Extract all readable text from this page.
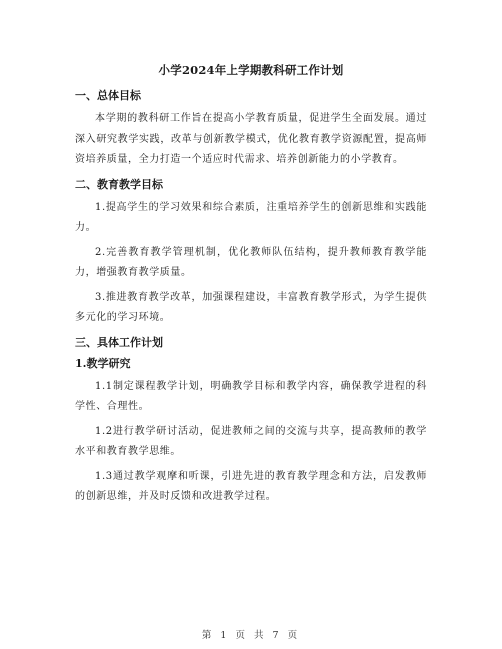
小学2024年上学期教科研工作计划
一、总体目标

本学期的教科研工作旨在提高小学教育质量，促进学生全面发展。通过深入研究教学实践，改革与创新教学模式，优化教育教学资源配置，提高师资培养质量，全力打造一个适应时代需求、培养创新能力的小学教育。

二、教育教学目标

1.提高学生的学习效果和综合素质，注重培养学生的创新思维和实践能力。

2.完善教育教学管理机制，优化教师队伍结构，提升教师教育教学能力，增强教育教学质量。

3.推进教育教学改革，加强课程建设，丰富教育教学形式，为学生提供多元化的学习环境。

三、具体工作计划
1.教学研究

1.1制定课程教学计划，明确教学目标和教学内容，确保教学进程的科学性、合理性。

1.2进行教学研讨活动，促进教师之间的交流与共享，提高教师的教学水平和教育教学思维。

1.3通过教学观摩和听课，引进先进的教育教学理念和方法，启发教师的创新思维，并及时反馈和改进教学过程。

第 1 页 共 7 页
